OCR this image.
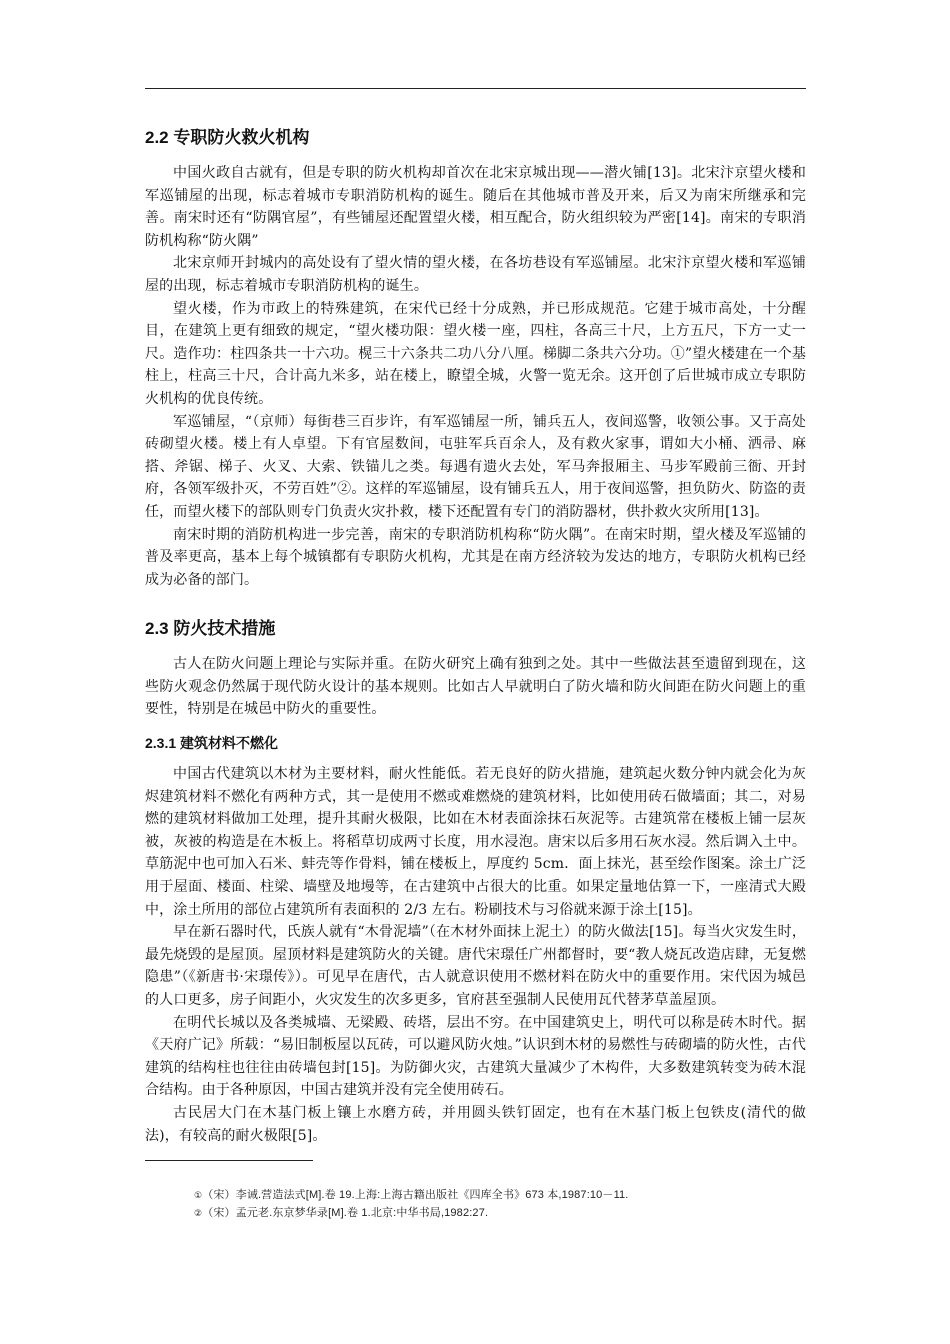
2.2 专职防火救火机构

中国火政自古就有，但是专职的防火机构却首次在北宋京城出现——潜火铺[13]。北宋汴京望火楼和军巡铺屋的出现，标志着城市专职消防机构的诞生。随后在其他城市普及开来，后又为南宋所继承和完善。南宋时还有“防隅官屋”，有些铺屋还配置望火楼，相互配合，防火组织较为严密[14]。南宋的专职消防机构称“防火隅”

北宋京师开封城内的高处设有了望火情的望火楼，在各坊巷设有军巡铺屋。北宋汴京望火楼和军巡铺屋的出现，标志着城市专职消防机构的诞生。

望火楼，作为市政上的特殊建筑，在宋代已经十分成熟，并已形成规范。它建于城市高处，十分醒目，在建筑上更有细致的规定，“望火楼功限：望火楼一座，四柱，各高三十尺，上方五尺，下方一丈一尺。造作功：柱四条共一十六功。榥三十六条共二功八分八厘。梯脚二条共六分功。①”望火楼建在一个基柱上，柱高三十尺，合计高九米多，站在楼上，瞭望全城，火警一览无余。这开创了后世城市成立专职防火机构的优良传统。

军巡铺屋，“（京师）每街巷三百步许，有军巡铺屋一所，铺兵五人，夜间巡警，收领公事。又于高处砖砌望火楼。楼上有人卓望。下有官屋数间，屯驻军兵百余人，及有救火家事，谓如大小桶、洒帚、麻搭、斧锯、梯子、火叉、大索、铁锚儿之类。每遇有遗火去处，军马奔报厢主、马步军殿前三衙、开封府，各领军级扑灭，不劳百姓”②。这样的军巡铺屋，设有铺兵五人，用于夜间巡警，担负防火、防盗的责任，而望火楼下的部队则专门负责火灾扑救，楼下还配置有专门的消防器材，供扑救火灾所用[13]。

南宋时期的消防机构进一步完善，南宋的专职消防机构称“防火隅”。在南宋时期，望火楼及军巡铺的普及率更高，基本上每个城镇都有专职防火机构，尤其是在南方经济较为发达的地方，专职防火机构已经成为必备的部门。

2.3 防火技术措施

古人在防火问题上理论与实际并重。在防火研究上确有独到之处。其中一些做法甚至遗留到现在，这些防火观念仍然属于现代防火设计的基本规则。比如古人早就明白了防火墙和防火间距在防火问题上的重要性，特别是在城邑中防火的重要性。

2.3.1 建筑材料不燃化

中国古代建筑以木材为主要材料，耐火性能低。若无良好的防火措施，建筑起火数分钟内就会化为灰烬建筑材料不燃化有两种方式，其一是使用不燃或难燃烧的建筑材料，比如使用砖石做墙面；其二，对易燃的建筑材料做加工处理，提升其耐火极限，比如在木材表面涂抹石灰泥等。古建筑常在楼板上铺一层灰被，灰被的构造是在木板上。将稻草切成两寸长度，用水浸泡。唐宋以后多用石灰水浸。然后调入土中。草筋泥中也可加入石米、蚌壳等作骨料，铺在楼板上，厚度约 5cm．面上抹光，甚至绘作图案。涂土广泛用于屋面、楼面、柱梁、墙壁及地墁等，在古建筑中占很大的比重。如果定量地估算一下，一座清式大殿中，涂土所用的部位占建筑所有表面积的 2/3 左右。粉刷技术与习俗就来源于涂土[15]。

早在新石器时代，氏族人就有“木骨泥墙”（在木材外面抹上泥土）的防火做法[15]。每当火灾发生时，最先烧毁的是屋顶。屋顶材料是建筑防火的关键。唐代宋璟任广州都督时，要“教人烧瓦改造店肆，无复燃隐患”（《新唐书·宋璟传》）。可见早在唐代，古人就意识使用不燃材料在防火中的重要作用。宋代因为城邑的人口更多，房子间距小，火灾发生的次多更多，官府甚至强制人民使用瓦代替茅草盖屋顶。

在明代长城以及各类城墙、无梁殿、砖塔，层出不穷。在中国建筑史上，明代可以称是砖木时代。据《天府广记》所载：“易旧制板屋以瓦砖，可以避风防火烛。”认识到木材的易燃性与砖砌墙的防火性，古代建筑的结构柱也往往由砖墙包封[15]。为防御火灾，古建筑大量减少了木构件，大多数建筑转变为砖木混合结构。由于各种原因，中国古建筑并没有完全使用砖石。

古民居大门在木基门板上镶上水磨方砖，并用圆头铁钉固定，也有在木基门板上包铁皮(清代的做法)，有较高的耐火极限[5]。

①（宋）李诫.营造法式[M].卷 19.上海:上海古籍出版社《四库全书》673 本,1987:10－11.

②（宋）孟元老.东京梦华录[M].卷 1.北京:中华书局,1982:27.
